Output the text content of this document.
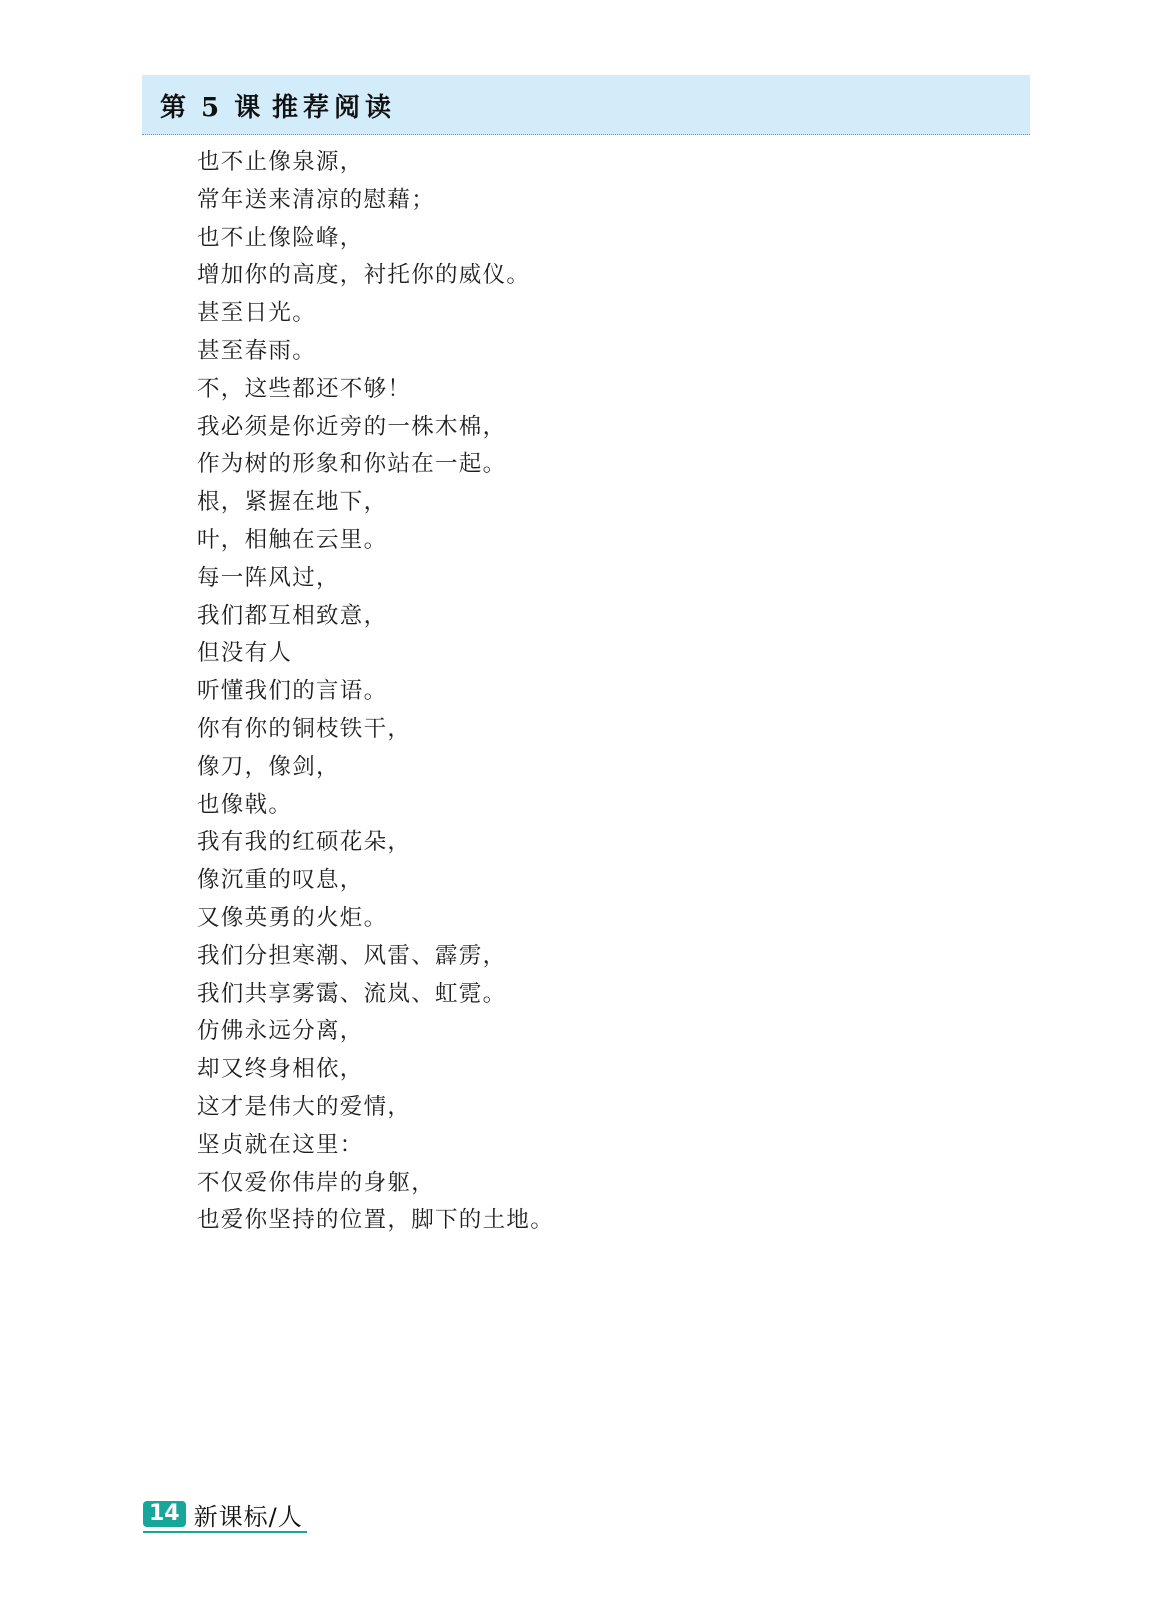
第 5 课 推荐阅读
也不止像泉源，
常年送来清凉的慰藉；
也不止像险峰，
增加你的高度，衬托你的威仪。
甚至日光。
甚至春雨。
不，这些都还不够！
我必须是你近旁的一株木棉，
作为树的形象和你站在一起。
根，紧握在地下，
叶，相触在云里。
每一阵风过，
我们都互相致意，
但没有人
听懂我们的言语。
你有你的铜枝铁干，
像刀，像剑，
也像戟。
我有我的红硕花朵，
像沉重的叹息，
又像英勇的火炬。
我们分担寒潮、风雷、霹雳，
我们共享雾霭、流岚、虹霓。
仿佛永远分离，
却又终身相依，
这才是伟大的爱情，
坚贞就在这里：
不仅爱你伟岸的身躯，
也爱你坚持的位置，脚下的土地。
14 新课标/人
